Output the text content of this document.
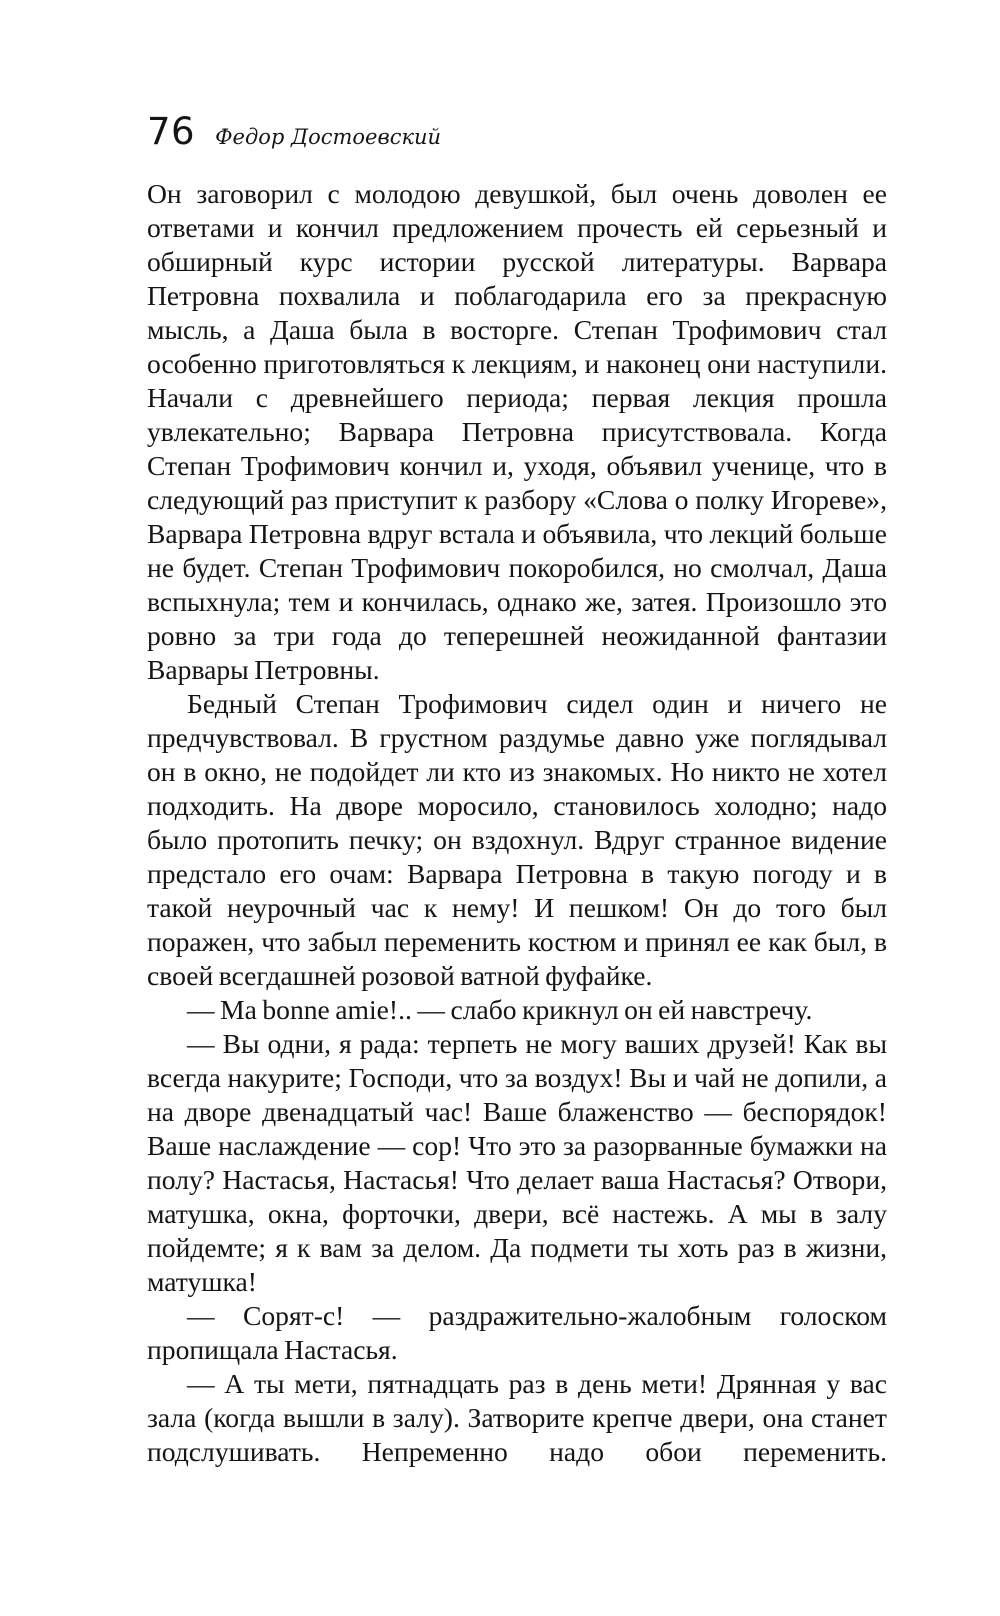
76 Федор Достоевский

Он заговорил с молодою девушкой, был очень доволен ее ответами и кончил предложением прочесть ей серьезный и обширный курс истории русской литературы. Варвара Петровна похвалила и поблагодарила его за прекрасную мысль, а Даша была в восторге. Степан Трофимович стал особенно приготовляться к лекциям, и наконец они наступили. Начали с древнейшего периода; первая лекция прошла увлекательно; Варвара Петровна присутствовала. Когда Степан Трофимович кончил и, уходя, объявил ученице, что в следующий раз приступит к разбору «Слова о полку Игореве», Варвара Петровна вдруг встала и объявила, что лекций больше не будет. Степан Трофимович покоробился, но смолчал, Даша вспыхнула; тем и кончилась, однако же, затея. Произошло это ровно за три года до теперешней неожиданной фантазии Варвары Петровны.

Бедный Степан Трофимович сидел один и ничего не предчувствовал. В грустном раздумье давно уже поглядывал он в окно, не подойдет ли кто из знакомых. Но никто не хотел подходить. На дворе моросило, становилось холодно; надо было протопить печку; он вздохнул. Вдруг странное видение предстало его очам: Варвара Петровна в такую погоду и в такой неурочный час к нему! И пешком! Он до того был поражен, что забыл переменить костюм и принял ее как был, в своей всегдашней розовой ватной фуфайке.

— Ma bonne amie!.. — слабо крикнул он ей навстречу.

— Вы одни, я рада: терпеть не могу ваших друзей! Как вы всегда накурите; Господи, что за воздух! Вы и чай не допили, а на дворе двенадцатый час! Ваше блаженство — беспорядок! Ваше наслаждение — сор! Что это за разорванные бумажки на полу? Настасья, Настасья! Что делает ваша Настасья? Отвори, матушка, окна, форточки, двери, всё настежь. А мы в залу пойдемте; я к вам за делом. Да подмети ты хоть раз в жизни, матушка!

— Сорят-с! — раздражительно-жалобным голоском пропищала Настасья.

— А ты мети, пятнадцать раз в день мети! Дрянная у вас зала (когда вышли в залу). Затворите крепче двери, она станет подслушивать. Непременно надо обои переменить.
